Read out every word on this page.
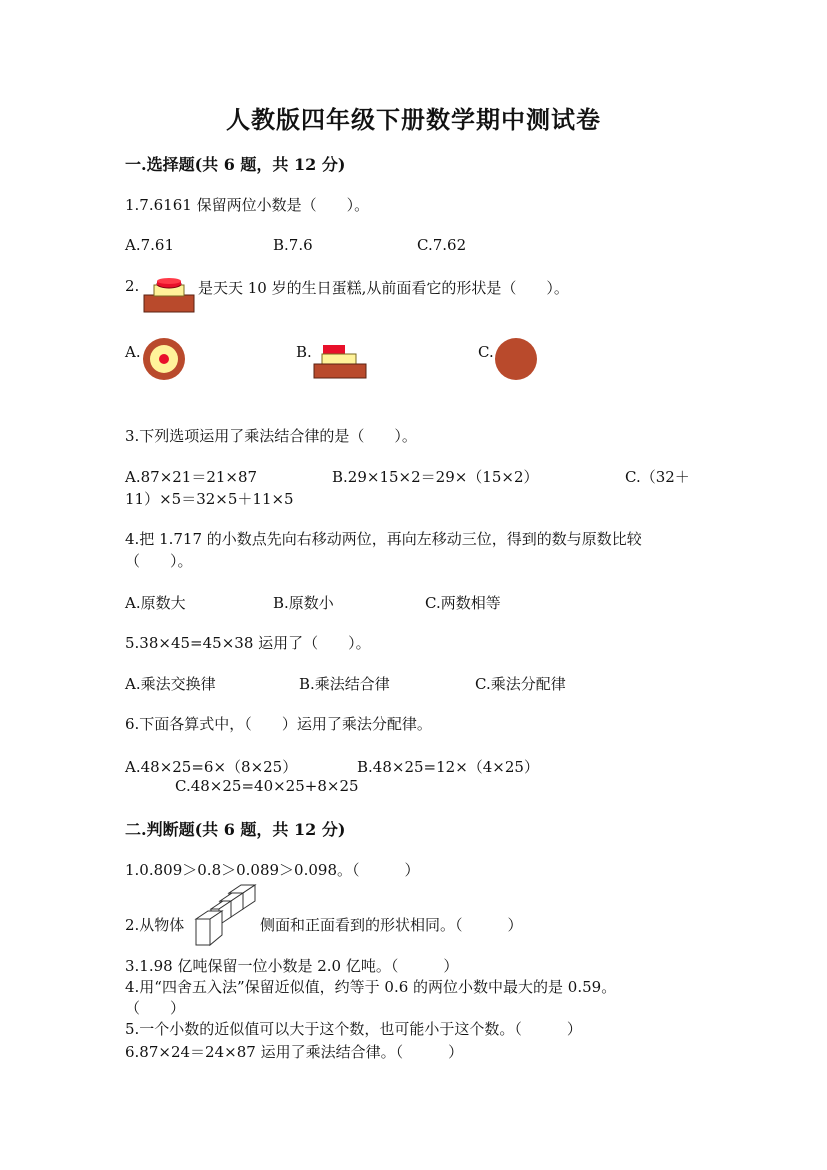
人教版四年级下册数学期中测试卷
一.选择题(共 6 题，共 12 分)
1.7.6161 保留两位小数是（　　）。
A.7.61	B.7.6	C.7.62
2.	是天天 10 岁的生日蛋糕,从前面看它的形状是（　　）。
A.	B.	C.
3.下列选项运用了乘法结合律的是（　　）。
A.87×21＝21×87	B.29×15×2＝29×（15×2）	C.（32＋
11）×5＝32×5＋11×5
4.把 1.717 的小数点先向右移动两位，再向左移动三位，得到的数与原数比较
（　　）。
A.原数大	B.原数小	C.两数相等
5.38×45=45×38 运用了（　　）。
A.乘法交换律	B.乘法结合律	C.乘法分配律
6.下面各算式中，（　　）运用了乘法分配律。
A.48×25=6×（8×25）	B.48×25=12×（4×25）
C.48×25=40×25+8×25
二.判断题(共 6 题，共 12 分)
1.0.809＞0.8＞0.089＞0.098。（　　　）
2.从物体	侧面和正面看到的形状相同。（　　　）
3.1.98 亿吨保留一位小数是 2.0 亿吨。（　　　）
4.用“四舍五入法”保留近似值，约等于 0.6 的两位小数中最大的是 0.59。
（　　）
5.一个小数的近似值可以大于这个数，也可能小于这个数。（　　　）
6.87×24＝24×87 运用了乘法结合律。（　　　）
